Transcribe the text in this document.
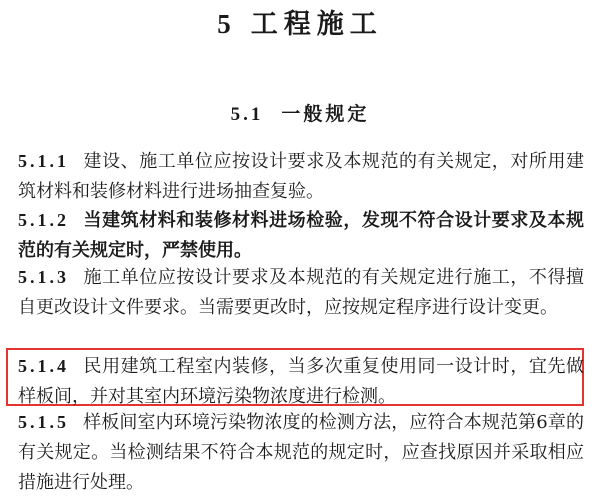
5 工程施工
5.1 一般规定
5.1.1 建设、施工单位应按设计要求及本规范的有关规定，对所用建筑材料和装修材料进行进场抽查复验。
5.1.2 当建筑材料和装修材料进场检验，发现不符合设计要求及本规范的有关规定时，严禁使用。
5.1.3 施工单位应按设计要求及本规范的有关规定进行施工，不得擅自更改设计文件要求。当需要更改时，应按规定程序进行设计变更。
5.1.4 民用建筑工程室内装修，当多次重复使用同一设计时，宜先做样板间，并对其室内环境污染物浓度进行检测。
5.1.5 样板间室内环境污染物浓度的检测方法，应符合本规范第6章的有关规定。当检测结果不符合本规范的规定时，应查找原因并采取相应措施进行处理。
